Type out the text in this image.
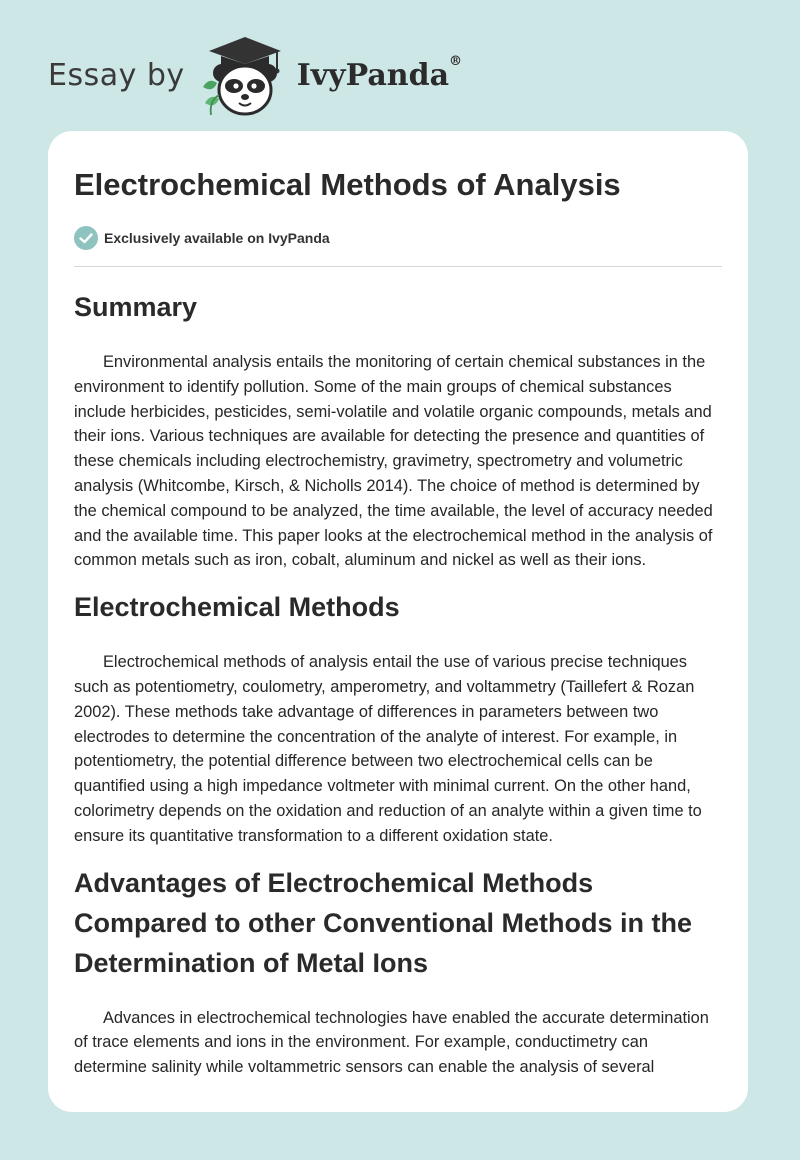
Essay by	IvyPanda®
Electrochemical Methods of Analysis
Exclusively available on IvyPanda
Summary

Environmental analysis entails the monitoring of certain chemical substances in the environment to identify pollution. Some of the main groups of chemical substances include herbicides, pesticides, semi-volatile and volatile organic compounds, metals and their ions. Various techniques are available for detecting the presence and quantities of these chemicals including electrochemistry, gravimetry, spectrometry and volumetric analysis (Whitcombe, Kirsch, & Nicholls 2014). The choice of method is determined by the chemical compound to be analyzed, the time available, the level of accuracy needed and the available time. This paper looks at the electrochemical method in the analysis of common metals such as iron, cobalt, aluminum and nickel as well as their ions.

Electrochemical Methods

Electrochemical methods of analysis entail the use of various precise techniques such as potentiometry, coulometry, amperometry, and voltammetry (Taillefert & Rozan 2002). These methods take advantage of differences in parameters between two electrodes to determine the concentration of the analyte of interest. For example, in potentiometry, the potential difference between two electrochemical cells can be quantified using a high impedance voltmeter with minimal current. On the other hand, colorimetry depends on the oxidation and reduction of an analyte within a given time to ensure its quantitative transformation to a different oxidation state.

Advantages of Electrochemical Methods Compared to other Conventional Methods in the Determination of Metal Ions

Advances in electrochemical technologies have enabled the accurate determination of trace elements and ions in the environment. For example, conductimetry can determine salinity while voltammetric sensors can enable the analysis of several
